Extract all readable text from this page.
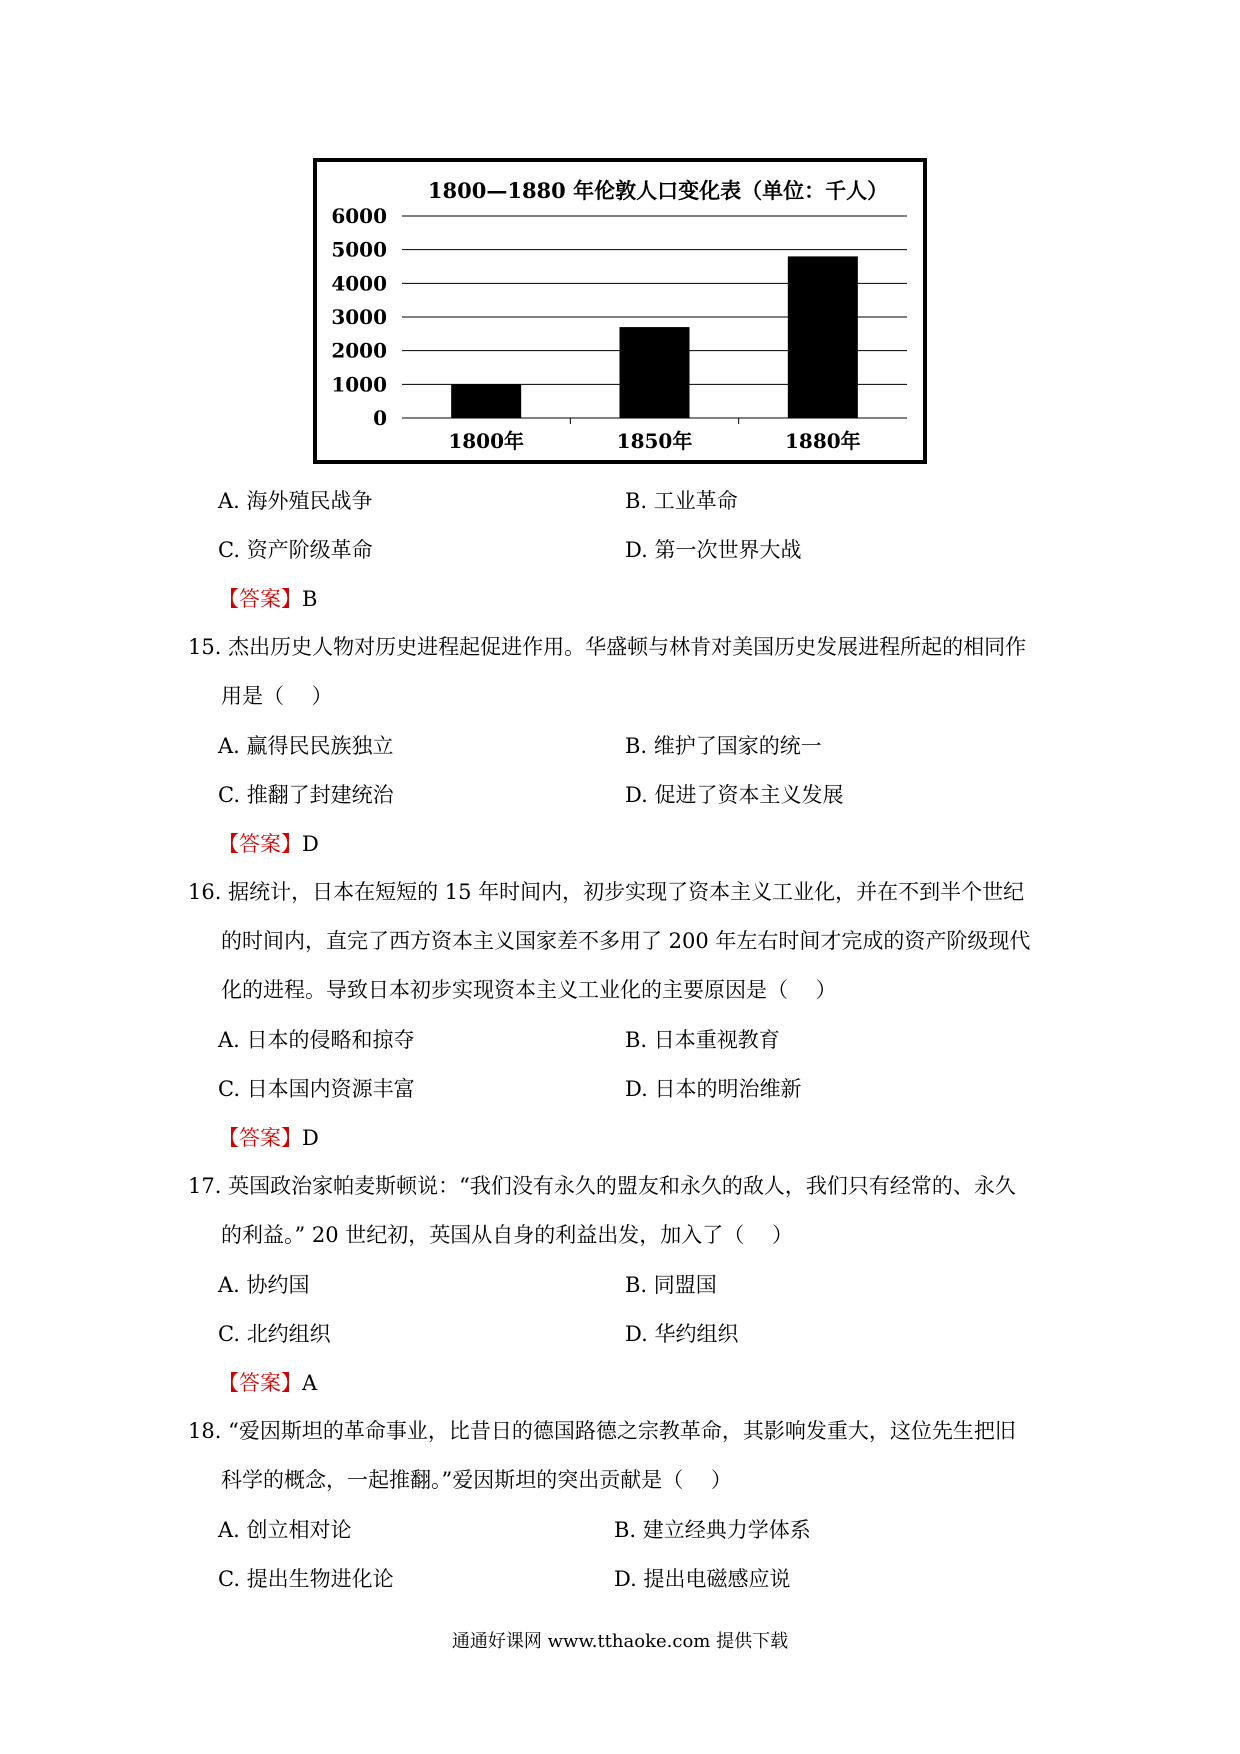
1800—1880 年伦敦人口变化表（单位：千人）
6000
5000
4000
3000
2000
1000
0
1800年	1850年	1880年
A. 海外殖民战争	B. 工业革命
C. 资产阶级革命	D. 第一次世界大战
【答案】B
15. 杰出历史人物对历史进程起促进作用。华盛顿与林肯对美国历史发展进程所起的相同作
用是（　 ）
A. 赢得民民族独立	B. 维护了国家的统一
C. 推翻了封建统治	D. 促进了资本主义发展
【答案】D
16. 据统计，日本在短短的 15 年时间内，初步实现了资本主义工业化，并在不到半个世纪
的时间内，直完了西方资本主义国家差不多用了 200 年左右时间才完成的资产阶级现代
化的进程。导致日本初步实现资本主义工业化的主要原因是（　 ）
A. 日本的侵略和掠夺	B. 日本重视教育
C. 日本国内资源丰富	D. 日本的明治维新
【答案】D
17. 英国政治家帕麦斯顿说：“我们没有永久的盟友和永久的敌人，我们只有经常的、永久
的利益。” 20 世纪初，英国从自身的利益出发，加入了（　 ）
A. 协约国	B. 同盟国
C. 北约组织	D. 华约组织
【答案】A
18. “爱因斯坦的革命事业，比昔日的德国路德之宗教革命，其影响发重大，这位先生把旧
科学的概念，一起推翻。”爱因斯坦的突出贡献是（　 ）
A. 创立相对论	B. 建立经典力学体系
C. 提出生物进化论	D. 提出电磁感应说
通通好课网 www.tthaoke.com 提供下载
